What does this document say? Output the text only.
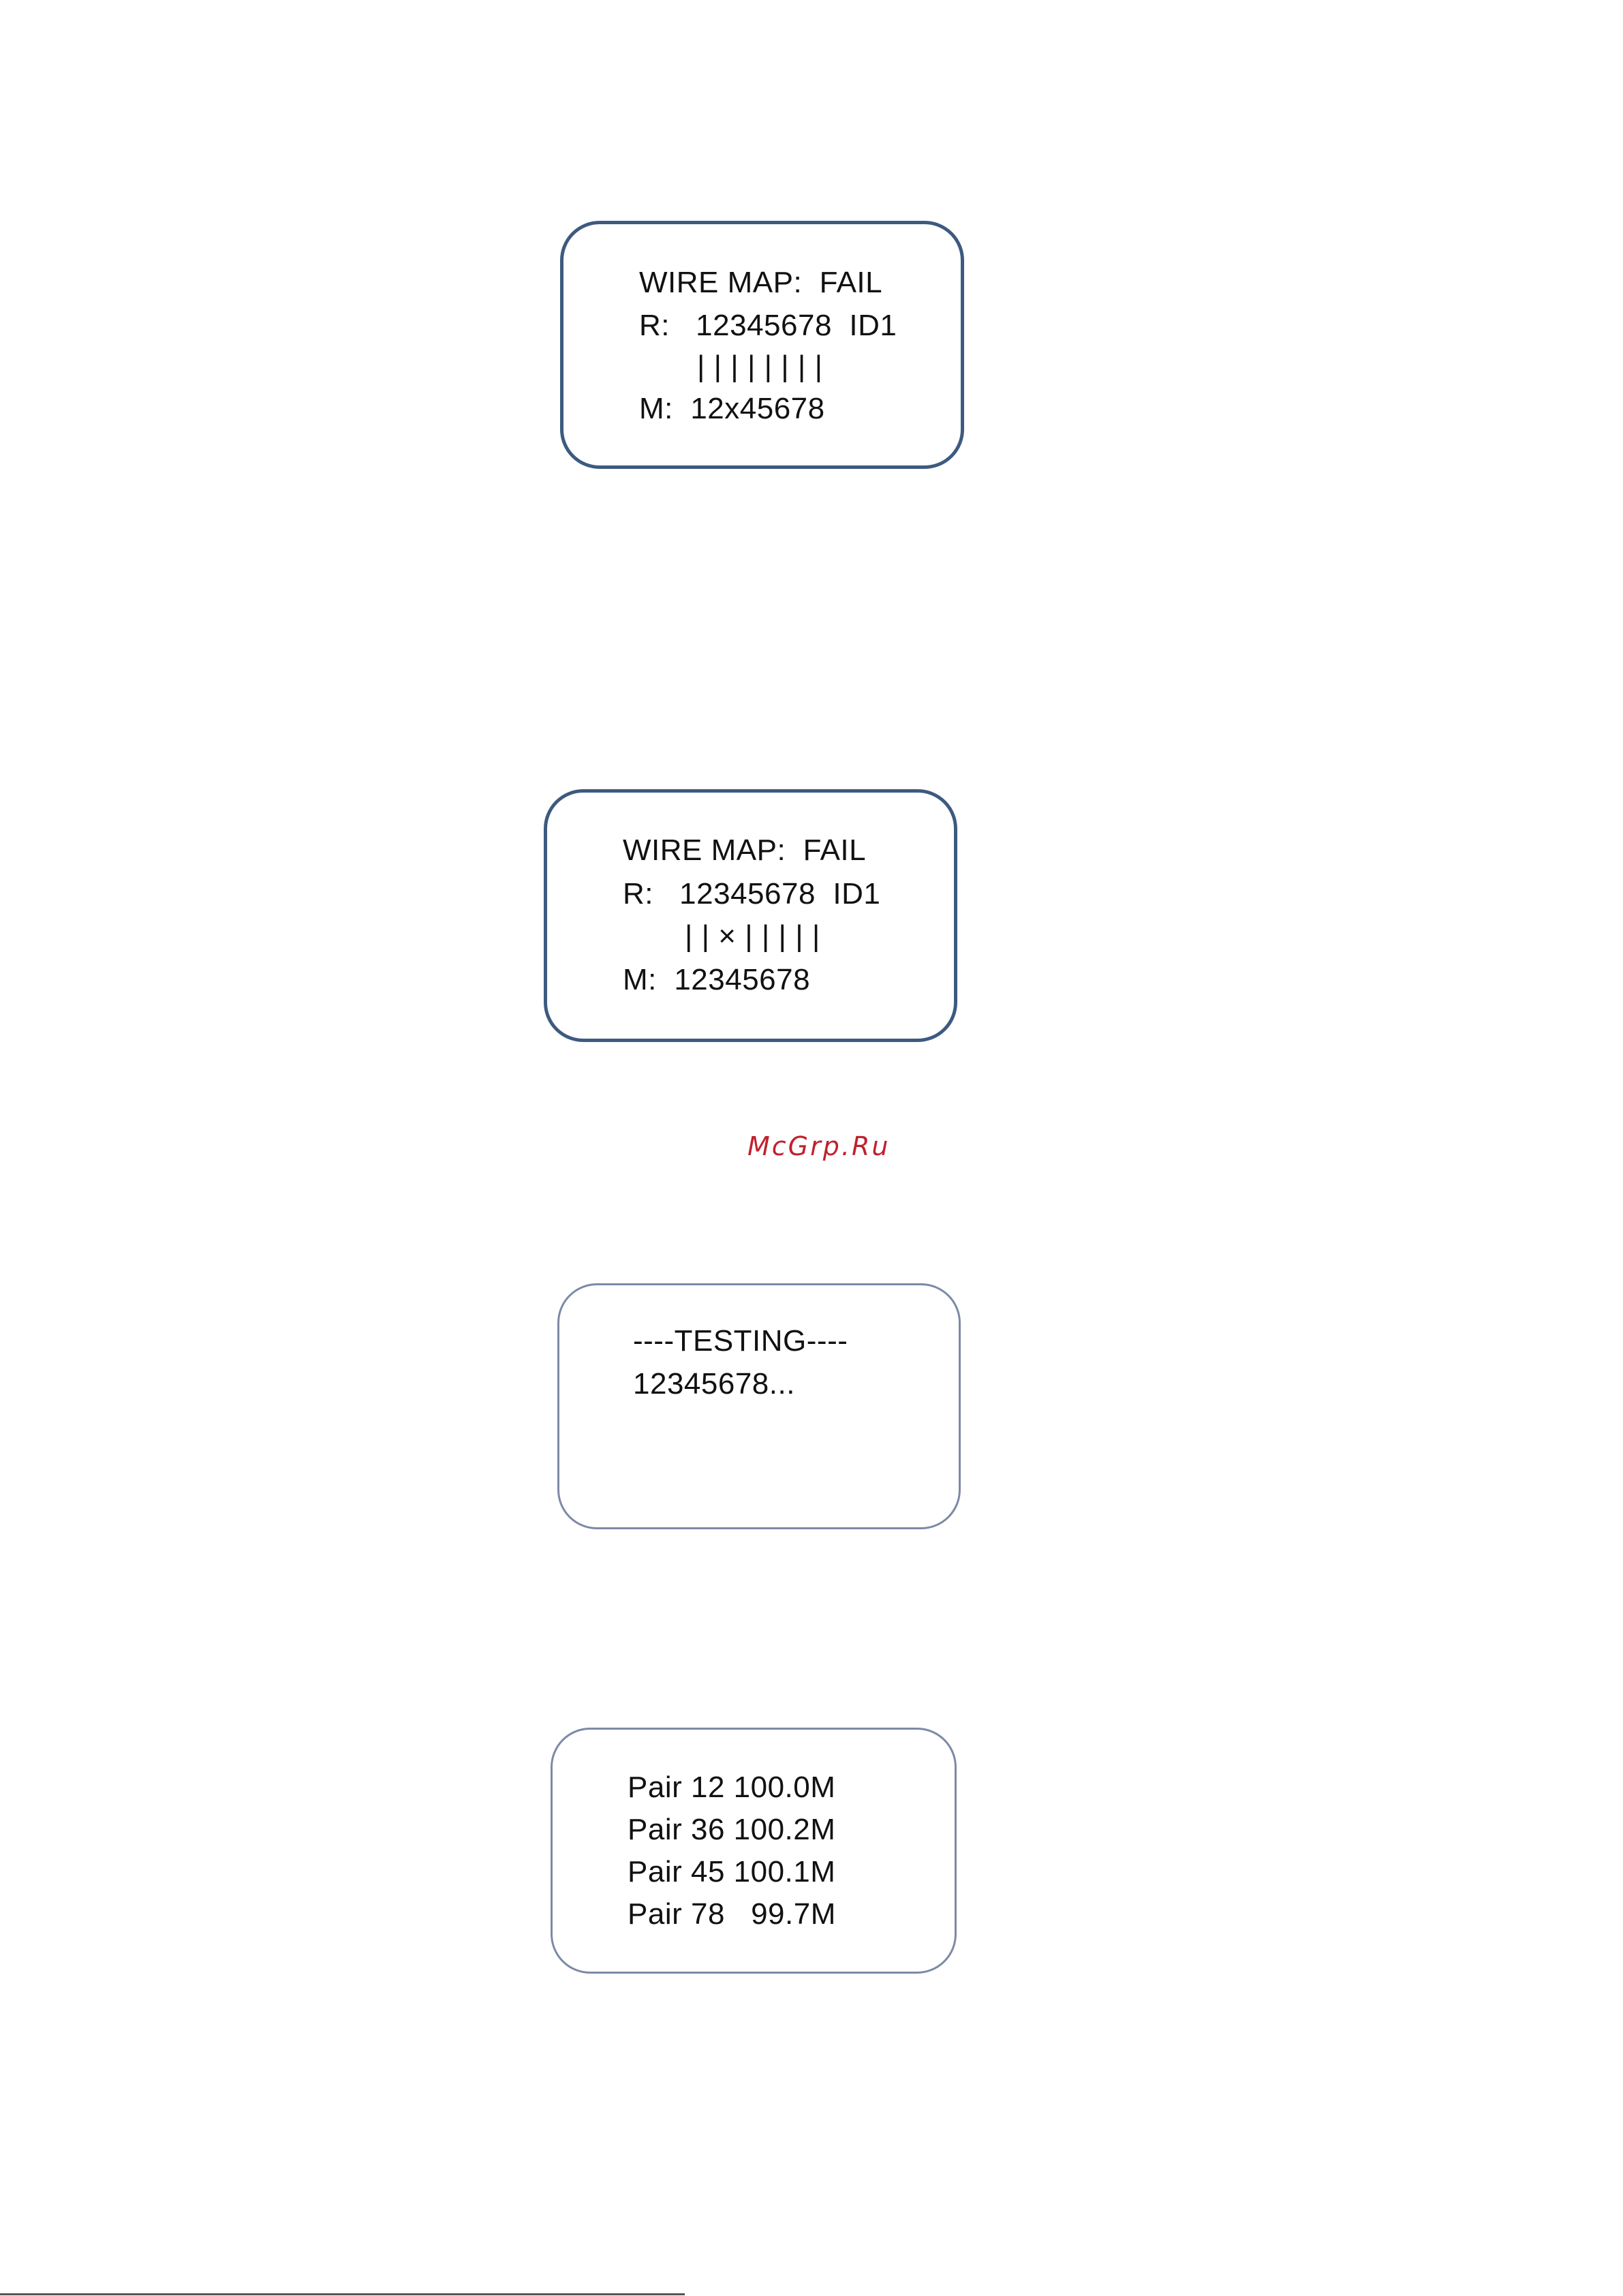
WIRE MAP:  FAIL
R:   12345678  ID1
| | | | | | | |
M:  12x45678
WIRE MAP:  FAIL
R:   12345678  ID1
| | × | | | | |
M:  12345678
McGrp.Ru
----TESTING----
12345678...
Pair 12 100.0M
Pair 36 100.2M
Pair 45 100.1M
Pair 78   99.7M
